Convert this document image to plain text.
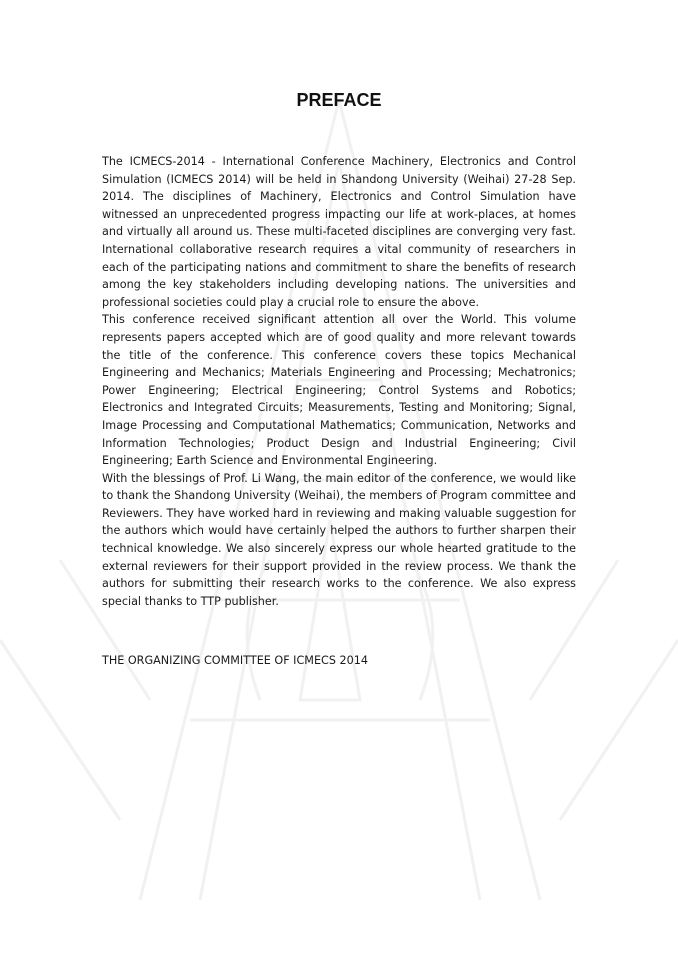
PREFACE

The ICMECS-2014 - International Conference Machinery, Electronics and Control Simulation (ICMECS 2014) will be held in Shandong University (Weihai) 27-28 Sep. 2014. The disciplines of Machinery, Electronics and Control Simulation have witnessed an unprecedented progress impacting our life at work-places, at homes and virtually all around us. These multi-faceted disciplines are converging very fast. International collaborative research requires a vital community of researchers in each of the participating nations and commitment to share the benefits of research among the key stakeholders including developing nations. The universities and professional societies could play a crucial role to ensure the above.

This conference received significant attention all over the World. This volume represents papers accepted which are of good quality and more relevant towards the title of the conference. This conference covers these topics Mechanical Engineering and Mechanics; Materials Engineering and Processing; Mechatronics; Power Engineering; Electrical Engineering; Control Systems and Robotics; Electronics and Integrated Circuits; Measurements, Testing and Monitoring; Signal, Image Processing and Computational Mathematics; Communication, Networks and Information Technologies; Product Design and Industrial Engineering; Civil Engineering; Earth Science and Environmental Engineering.

With the blessings of Prof. Li Wang, the main editor of the conference, we would like to thank the Shandong University (Weihai), the members of Program committee and Reviewers. They have worked hard in reviewing and making valuable suggestion for the authors which would have certainly helped the authors to further sharpen their technical knowledge. We also sincerely express our whole hearted gratitude to the external reviewers for their support provided in the review process. We thank the authors for submitting their research works to the conference. We also express special thanks to TTP publisher.

THE ORGANIZING COMMITTEE OF ICMECS 2014
